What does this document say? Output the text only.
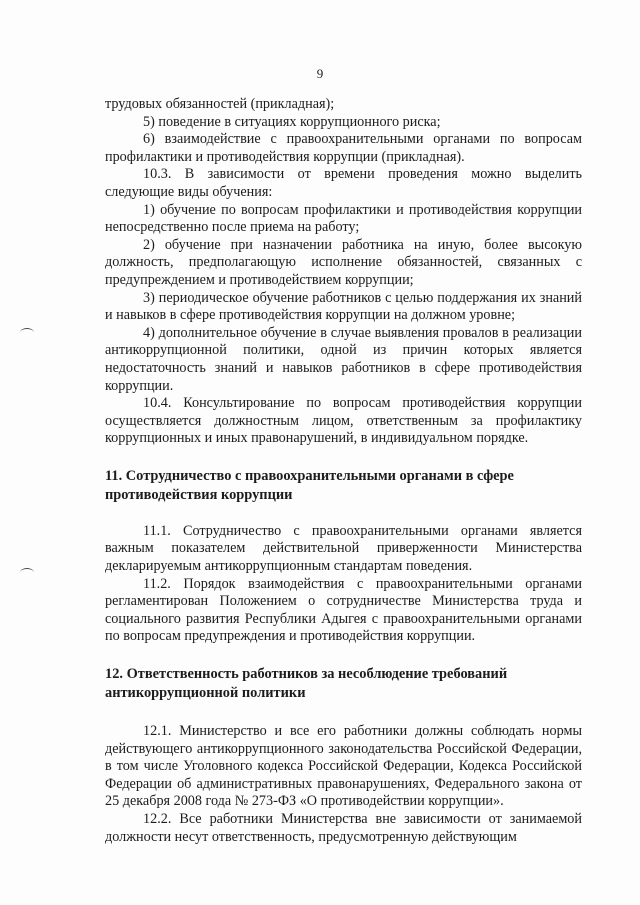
9

трудовых обязанностей (прикладная);

5) поведение в ситуациях коррупционного риска;

6) взаимодействие с правоохранительными органами по вопросам профилактики и противодействия коррупции (прикладная).

10.3. В зависимости от времени проведения можно выделить следующие виды обучения:

1) обучение по вопросам профилактики и противодействия коррупции непосредственно после приема на работу;

2) обучение при назначении работника на иную, более высокую должность, предполагающую исполнение обязанностей, связанных с предупреждением и противодействием коррупции;

3) периодическое обучение работников с целью поддержания их знаний и навыков в сфере противодействия коррупции на должном уровне;

4) дополнительное обучение в случае выявления провалов в реализации антикоррупционной политики, одной из причин которых является недостаточность знаний и навыков работников в сфере противодействия коррупции.

10.4. Консультирование по вопросам противодействия коррупции осуществляется должностным лицом, ответственным за профилактику коррупционных и иных правонарушений, в индивидуальном порядке.

11. Сотрудничество с правоохранительными органами в сфере
противодействия коррупции

11.1. Сотрудничество с правоохранительными органами является важным показателем действительной приверженности Министерства декларируемым антикоррупционным стандартам поведения.

11.2. Порядок взаимодействия с правоохранительными органами регламентирован Положением о сотрудничестве Министерства труда и социального развития Республики Адыгея с правоохранительными органами по вопросам предупреждения и противодействия коррупции.

12. Ответственность работников за несоблюдение требований
антикоррупционной политики

12.1. Министерство и все его работники должны соблюдать нормы действующего антикоррупционного законодательства Российской Федерации, в том числе Уголовного кодекса Российской Федерации, Кодекса Российской Федерации об административных правонарушениях, Федерального закона от 25 декабря 2008 года № 273-ФЗ «О противодействии коррупции».

12.2. Все работники Министерства вне зависимости от занимаемой должности несут ответственность, предусмотренную действующим
